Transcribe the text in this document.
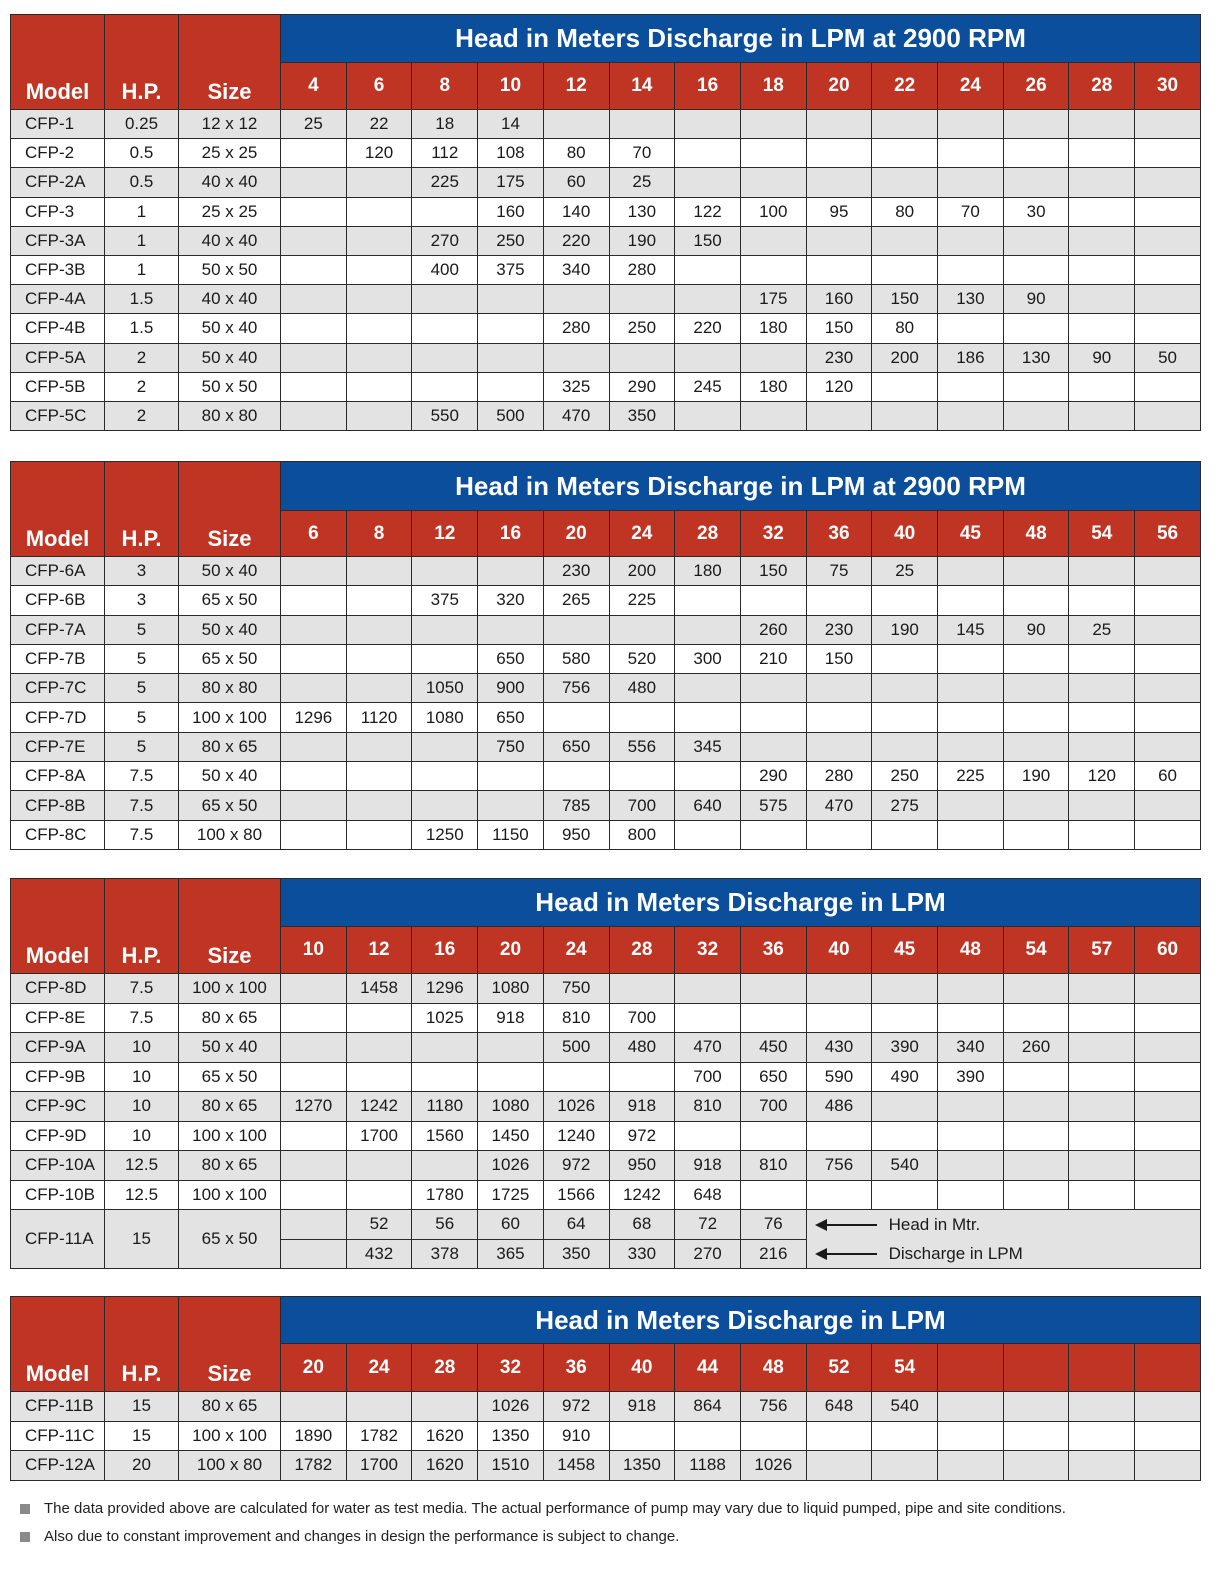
Model	H.P.	Size	Head in Meters Discharge in LPM at 2900 RPM													
			4	6	8	10	12	14	16	18	20	22	24	26	28	30
CFP-1	0.25	12 x 12	25	22	18	14										
CFP-2	0.5	25 x 25		120	112	108	80	70								
CFP-2A	0.5	40 x 40			225	175	60	25								
CFP-3	1	25 x 25				160	140	130	122	100	95	80	70	30		
CFP-3A	1	40 x 40			270	250	220	190	150							
CFP-3B	1	50 x 50			400	375	340	280								
CFP-4A	1.5	40 x 40								175	160	150	130	90		
CFP-4B	1.5	50 x 40					280	250	220	180	150	80				
CFP-5A	2	50 x 40									230	200	186	130	90	50
CFP-5B	2	50 x 50					325	290	245	180	120					
CFP-5C	2	80 x 80			550	500	470	350								
Model	H.P.	Size	Head in Meters Discharge in LPM at 2900 RPM													
			6	8	12	16	20	24	28	32	36	40	45	48	54	56
CFP-6A	3	50 x 40					230	200	180	150	75	25				
CFP-6B	3	65 x 50			375	320	265	225								
CFP-7A	5	50 x 40								260	230	190	145	90	25	
CFP-7B	5	65 x 50				650	580	520	300	210	150					
CFP-7C	5	80 x 80			1050	900	756	480								
CFP-7D	5	100 x 100	1296	1120	1080	650										
CFP-7E	5	80 x 65				750	650	556	345							
CFP-8A	7.5	50 x 40								290	280	250	225	190	120	60
CFP-8B	7.5	65 x 50					785	700	640	575	470	275				
CFP-8C	7.5	100 x 80			1250	1150	950	800								
Model	H.P.	Size	Head in Meters Discharge in LPM													
			10	12	16	20	24	28	32	36	40	45	48	54	57	60
CFP-8D	7.5	100 x 100		1458	1296	1080	750									
CFP-8E	7.5	80 x 65			1025	918	810	700								
CFP-9A	10	50 x 40					500	480	470	450	430	390	340	260		
CFP-9B	10	65 x 50							700	650	590	490	390			
CFP-9C	10	80 x 65	1270	1242	1180	1080	1026	918	810	700	486					
CFP-9D	10	100 x 100		1700	1560	1450	1240	972								
CFP-10A	12.5	80 x 65				1026	972	950	918	810	756	540				
CFP-10B	12.5	100 x 100			1780	1725	1566	1242	648							
CFP-11A	15	65 x 50		52	56	60	64	68	72	76	Head in Mtr.
Discharge in LPM					

				432	378	365	350	330	270	216						
Model	H.P.	Size	Head in Meters Discharge in LPM													
			20	24	28	32	36	40	44	48	52	54				
CFP-11B	15	80 x 65				1026	972	918	864	756	648	540				
CFP-11C	15	100 x 100	1890	1782	1620	1350	910									
CFP-12A	20	100 x 80	1782	1700	1620	1510	1458	1350	1188	1026						
The data provided above are calculated for water as test media. The actual performance of pump may vary due to liquid pumped, pipe and site conditions.
Also due to constant improvement and changes in design the performance is subject to change.
